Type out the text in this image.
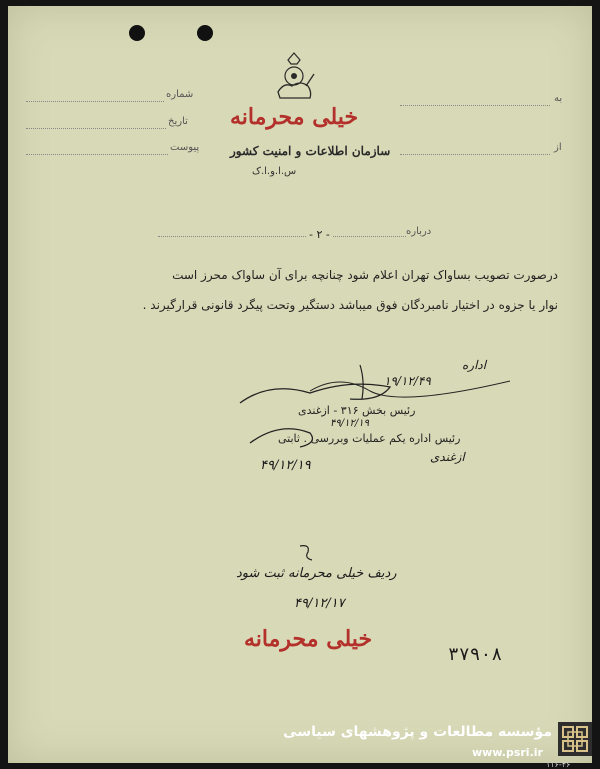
شماره
تاریخ
پیوست
به
از
خیلی محرمانه
سازمان اطلاعات و امنیت کشور
س.ا.و.ا.ک
درباره
- ۲ -
درصورت تصویب بساواک تهران اعلام شود چنانچه برای آن ساواک محرز است
نوار یا جزوه در اختیار نامبردگان فوق میباشد دستگیر وتحت پیگرد قانونی قرارگیرند .
اداره
۱۹/۱۲/۴۹
رئیس بخش ۳۱۶ - ازغندی
۴۹/۱۲/۱۹
رئیس اداره یکم عملیات وبررسی . ثابتی
ازغندی
۴۹/۱۲/۱۹
ردیف خیلی محرمانه ثبت شود
۴۹/۱۲/۱۷
خیلی محرمانه
۳۷۹۰۸
مؤسسه مطالعات و پژوهشهای سیاسی
www.psri.ir
۱۱۶-۴۶
